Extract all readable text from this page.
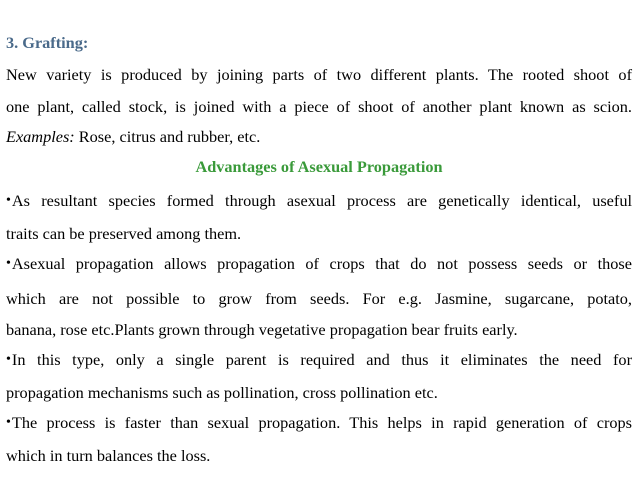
3. Grafting:
New variety is produced by joining parts of two different plants. The rooted shoot of
one plant, called stock, is joined with a piece of shoot of another plant known as scion.
Examples: Rose, citrus and rubber, etc.
Advantages of Asexual Propagation
•As resultant species formed through asexual process are genetically identical, useful
traits can be preserved among them.
•Asexual propagation allows propagation of crops that do not possess seeds or those
which are not possible to grow from seeds. For e.g. Jasmine, sugarcane, potato,
banana, rose etc.Plants grown through vegetative propagation bear fruits early.
•In this type, only a single parent is required and thus it eliminates the need for
propagation mechanisms such as pollination, cross pollination etc.
•The process is faster than sexual propagation. This helps in rapid generation of crops
which in turn balances the loss.
